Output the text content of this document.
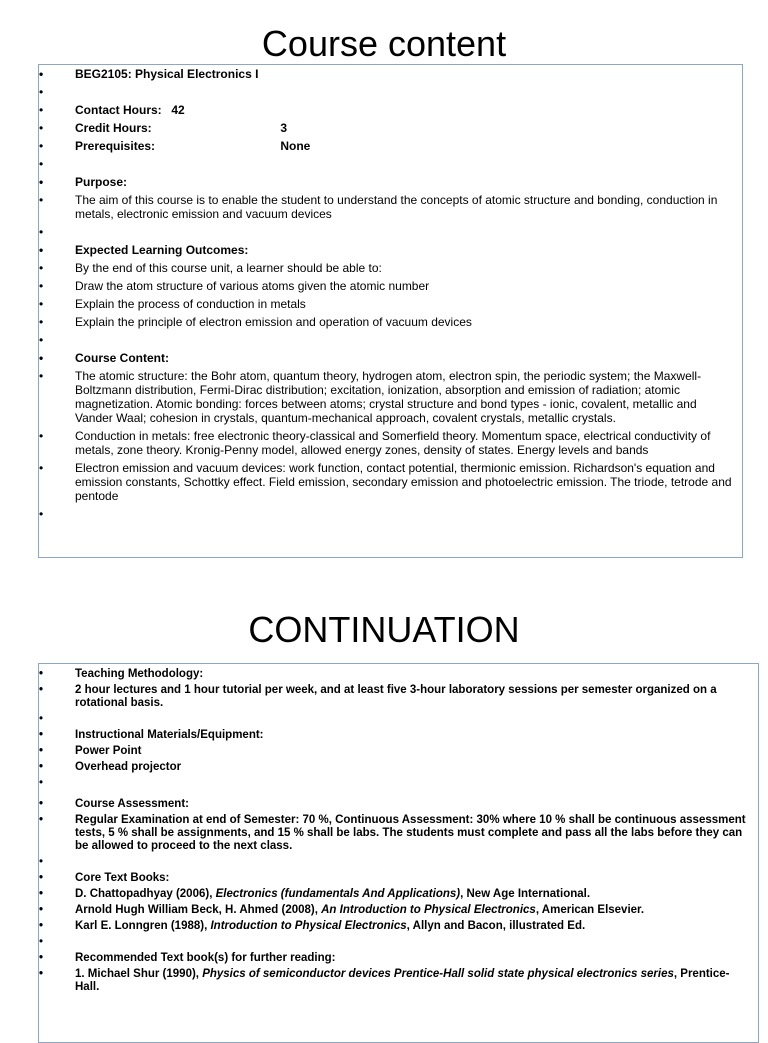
Course content
• BEG2105: Physical Electronics I
•
• Contact Hours: 42
• Credit Hours:	3
• Prerequisites:	None
•
• Purpose:
• The aim of this course is to enable the student to understand the concepts of atomic structure and bonding, conduction in metals, electronic emission and vacuum devices
•
• Expected Learning Outcomes:
• By the end of this course unit, a learner should be able to:
• Draw the atom structure of various atoms given the atomic number
• Explain the process of conduction in metals
• Explain the principle of electron emission and operation of vacuum devices
•
• Course Content:
• The atomic structure: the Bohr atom, quantum theory, hydrogen atom, electron spin, the periodic system; the Maxwell-Boltzmann distribution, Fermi-Dirac distribution; excitation, ionization, absorption and emission of radiation; atomic magnetization. Atomic bonding: forces between atoms; crystal structure and bond types - ionic, covalent, metallic and Vander Waal; cohesion in crystals, quantum-mechanical approach, covalent crystals, metallic crystals.
• Conduction in metals: free electronic theory-classical and Somerfield theory. Momentum space, electrical conductivity of metals, zone theory. Kronig-Penny model, allowed energy zones, density of states. Energy levels and bands
• Electron emission and vacuum devices: work function, contact potential, thermionic emission. Richardson's equation and emission constants, Schottky effect. Field emission, secondary emission and photoelectric emission. The triode, tetrode and pentode
•
CONTINUATION
• Teaching Methodology:
• 2 hour lectures and 1 hour tutorial per week, and at least five 3-hour laboratory sessions per semester organized on a rotational basis.
•
• Instructional Materials/Equipment:
• Power Point
• Overhead projector
•
• Course Assessment:
• Regular Examination at end of Semester: 70 %, Continuous Assessment: 30% where 10 % shall be continuous assessment tests, 5 % shall be assignments, and 15 % shall be labs. The students must complete and pass all the labs before they can be allowed to proceed to the next class.
•
• Core Text Books:
• D. Chattopadhyay (2006), Electronics (fundamentals And Applications), New Age International.
• Arnold Hugh William Beck, H. Ahmed (2008), An Introduction to Physical Electronics, American Elsevier.
• Karl E. Lonngren (1988), Introduction to Physical Electronics, Allyn and Bacon, illustrated Ed.
•
• Recommended Text book(s) for further reading:
• 1. Michael Shur (1990), Physics of semiconductor devices Prentice-Hall solid state physical electronics series, Prentice-Hall.
